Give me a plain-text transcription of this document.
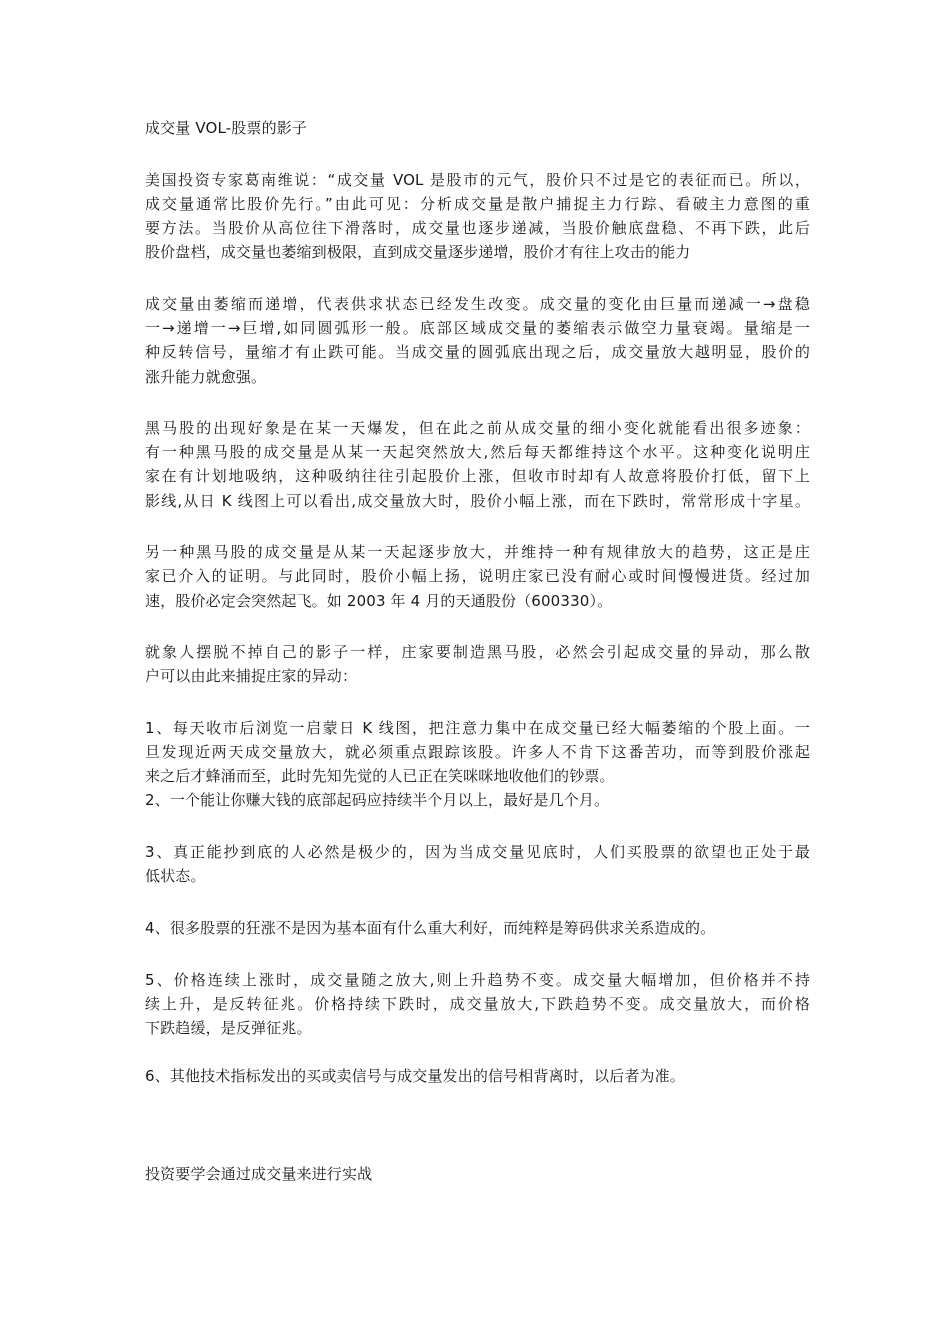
成交量 VOL-股票的影子
美国投资专家葛南维说：“成交量 VOL 是股市的元气，股价只不过是它的表征而已。所以，
成交量通常比股价先行。”由此可见：分析成交量是散户捕捉主力行踪、看破主力意图的重
要方法。当股价从高位往下滑落时，成交量也逐步递减，当股价触底盘稳、不再下跌，此后
股价盘档，成交量也萎缩到极限，直到成交量逐步递增，股价才有往上攻击的能力
成交量由萎缩而递增，代表供求状态已经发生改变。成交量的变化由巨量而递减一→盘稳
一→递增一→巨增,如同圆弧形一般。底部区域成交量的萎缩表示做空力量衰竭。量缩是一
种反转信号，量缩才有止跌可能。当成交量的圆弧底出现之后，成交量放大越明显，股价的
涨升能力就愈强。
黑马股的出现好象是在某一天爆发，但在此之前从成交量的细小变化就能看出很多迹象：
有一种黑马股的成交量是从某一天起突然放大,然后每天都维持这个水平。这种变化说明庄
家在有计划地吸纳，这种吸纳往往引起股价上涨，但收市时却有人故意将股价打低，留下上
影线,从日 K 线图上可以看出,成交量放大时，股价小幅上涨，而在下跌时，常常形成十字星。
另一种黑马股的成交量是从某一天起逐步放大，并维持一种有规律放大的趋势，这正是庄
家已介入的证明。与此同时，股价小幅上扬，说明庄家已没有耐心或时间慢慢进货。经过加
速，股价必定会突然起飞。如 2003 年 4 月的天通股份（600330）。
就象人摆脱不掉自己的影子一样，庄家要制造黑马股，必然会引起成交量的异动，那么散
户可以由此来捕捉庄家的异动：
1、每天收市后浏览一启蒙日 K 线图，把注意力集中在成交量已经大幅萎缩的个股上面。一
旦发现近两天成交量放大，就必须重点跟踪该股。许多人不肯下这番苦功，而等到股价涨起
来之后才蜂涌而至，此时先知先觉的人已正在笑咪咪地收他们的钞票。
2、一个能让你赚大钱的底部起码应持续半个月以上，最好是几个月。
3、真正能抄到底的人必然是极少的，因为当成交量见底时，人们买股票的欲望也正处于最
低状态。
4、很多股票的狂涨不是因为基本面有什么重大利好，而纯粹是筹码供求关系造成的。
5、价格连续上涨时，成交量随之放大,则上升趋势不变。成交量大幅增加，但价格并不持
续上升，是反转征兆。价格持续下跌时，成交量放大,下跌趋势不变。成交量放大，而价格
下跌趋缓，是反弹征兆。
6、其他技术指标发出的买或卖信号与成交量发出的信号相背离时，以后者为准。
投资要学会通过成交量来进行实战
